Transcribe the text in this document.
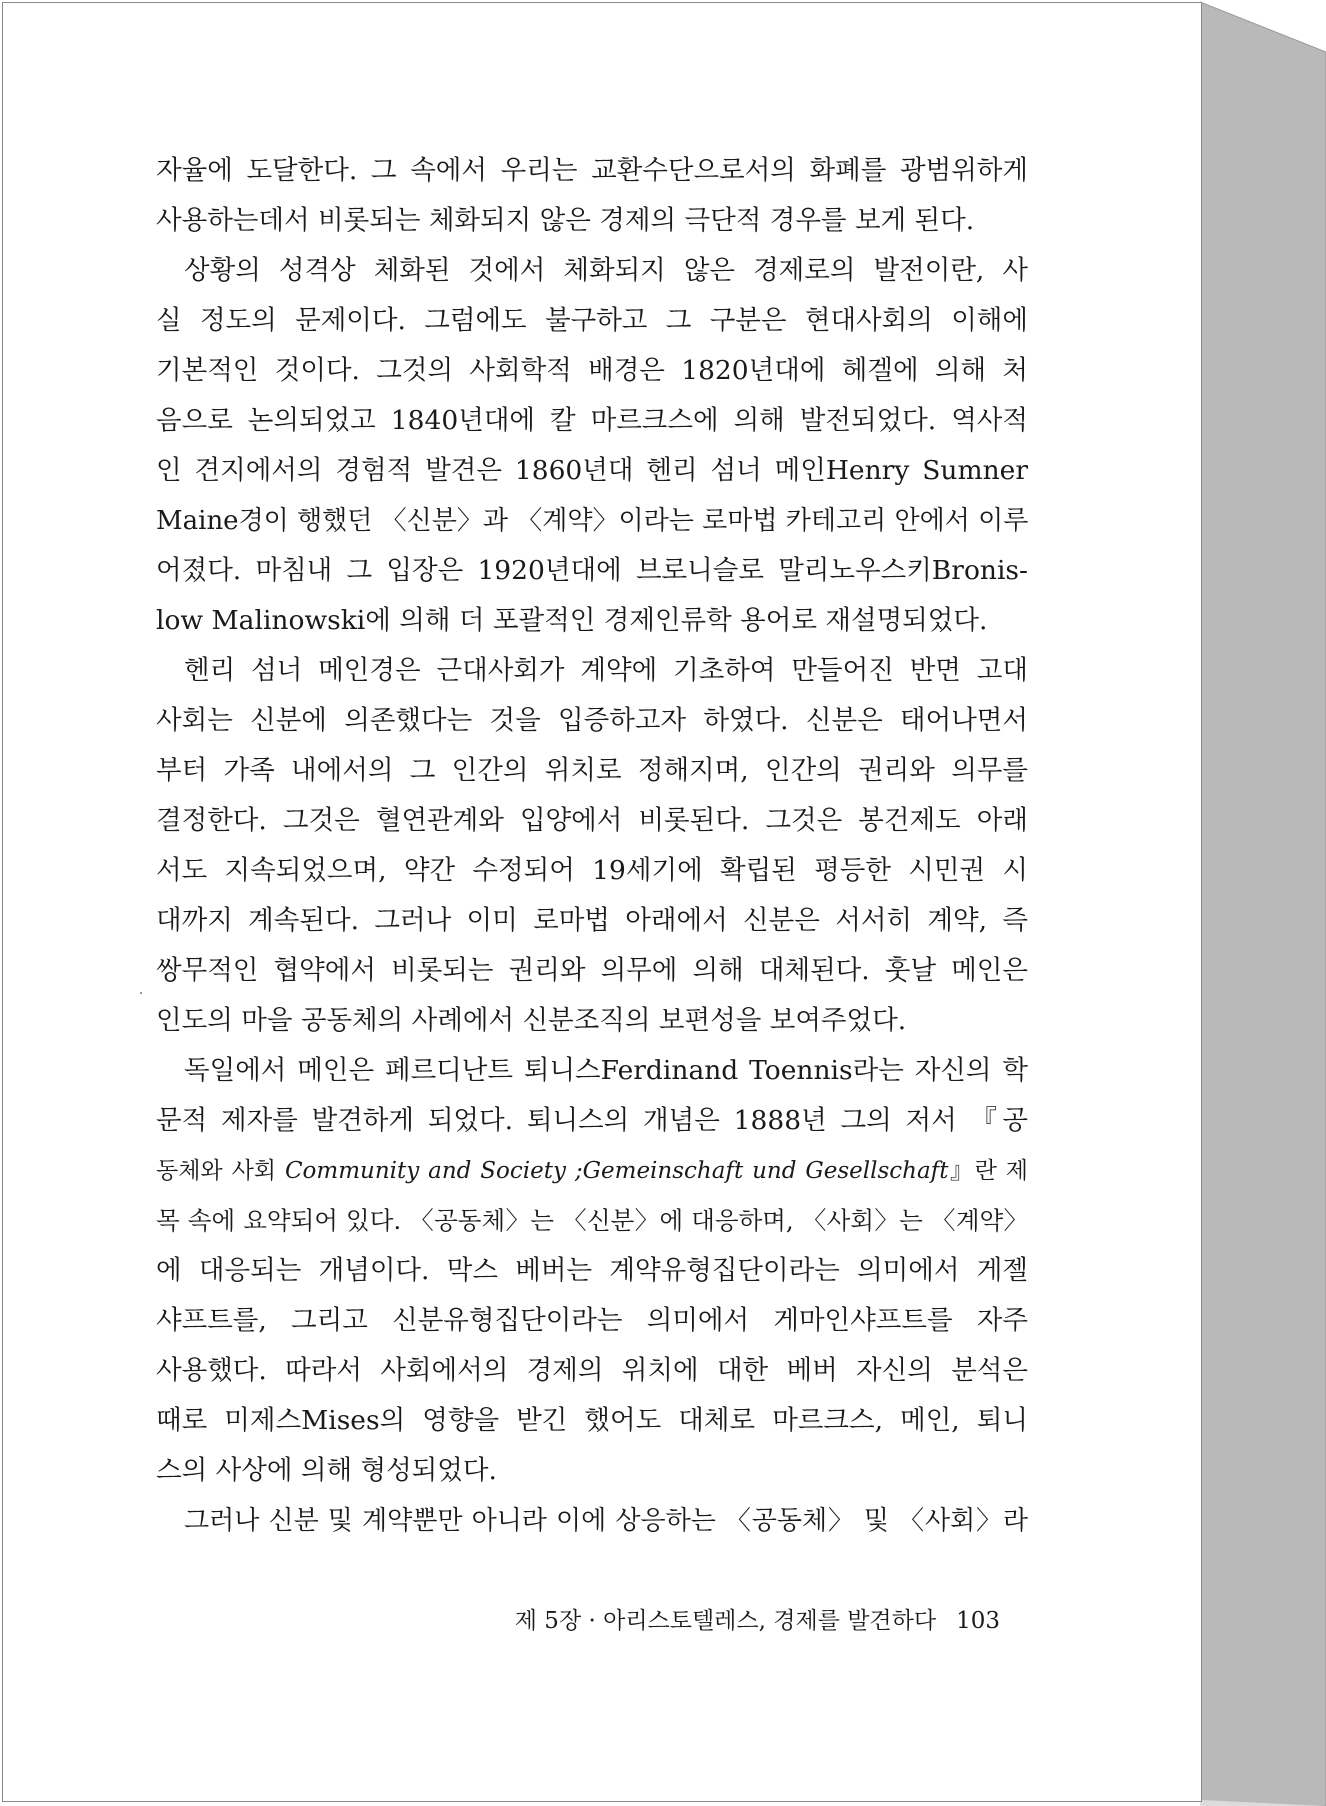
자율에 도달한다. 그 속에서 우리는 교환수단으로서의 화폐를 광범위하게
사용하는데서 비롯되는 체화되지 않은 경제의 극단적 경우를 보게 된다.
상황의 성격상 체화된 것에서 체화되지 않은 경제로의 발전이란, 사
실 정도의 문제이다. 그럼에도 불구하고 그 구분은 현대사회의 이해에
기본적인 것이다. 그것의 사회학적 배경은 1820년대에 헤겔에 의해 처
음으로 논의되었고 1840년대에 칼 마르크스에 의해 발전되었다. 역사적
인 견지에서의 경험적 발견은 1860년대 헨리 섬너 메인Henry Sumner
Maine경이 행했던 〈신분〉과 〈계약〉이라는 로마법 카테고리 안에서 이루
어졌다. 마침내 그 입장은 1920년대에 브로니슬로 말리노우스키Bronis-
low Malinowski에 의해 더 포괄적인 경제인류학 용어로 재설명되었다.
헨리 섬너 메인경은 근대사회가 계약에 기초하여 만들어진 반면 고대
사회는 신분에 의존했다는 것을 입증하고자 하였다. 신분은 태어나면서
부터 가족 내에서의 그 인간의 위치로 정해지며, 인간의 권리와 의무를
결정한다. 그것은 혈연관계와 입양에서 비롯된다. 그것은 봉건제도 아래
서도 지속되었으며, 약간 수정되어 19세기에 확립된 평등한 시민권 시
대까지 계속된다. 그러나 이미 로마법 아래에서 신분은 서서히 계약, 즉
쌍무적인 협약에서 비롯되는 권리와 의무에 의해 대체된다. 훗날 메인은
인도의 마을 공동체의 사례에서 신분조직의 보편성을 보여주었다.
독일에서 메인은 페르디난트 퇴니스Ferdinand Toennis라는 자신의 학
문적 제자를 발견하게 되었다. 퇴니스의 개념은 1888년 그의 저서 『공
동체와 사회 Community and Society ;Gemeinschaft und Gesellschaft』란 제
목 속에 요약되어 있다. 〈공동체〉는 〈신분〉에 대응하며, 〈사회〉는 〈계약〉
에 대응되는 개념이다. 막스 베버는 계약유형집단이라는 의미에서 게젤
샤프트를, 그리고 신분유형집단이라는 의미에서 게마인샤프트를 자주
사용했다. 따라서 사회에서의 경제의 위치에 대한 베버 자신의 분석은
때로 미제스Mises의 영향을 받긴 했어도 대체로 마르크스, 메인, 퇴니
스의 사상에 의해 형성되었다.
그러나 신분 및 계약뿐만 아니라 이에 상응하는 〈공동체〉 및 〈사회〉라
제 5장 · 아리스토텔레스, 경제를 발견하다 103
